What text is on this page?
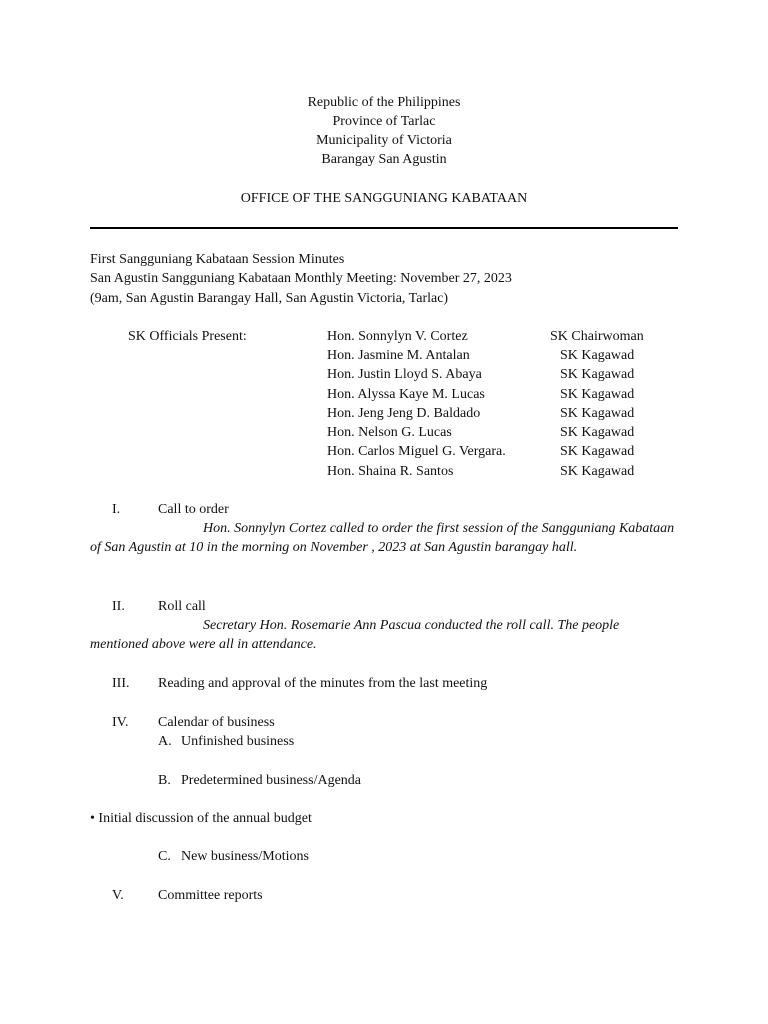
Republic of the Philippines
Province of Tarlac
Municipality of Victoria
Barangay San Agustin
OFFICE OF THE SANGGUNIANG KABATAAN
First Sangguniang Kabataan Session Minutes
San Agustin Sangguniang Kabataan Monthly Meeting: November 27, 2023
(9am, San Agustin Barangay Hall, San Agustin Victoria, Tarlac)
SK Officials Present:	Hon. Sonnylyn V. Cortez	SK Chairwoman
Hon. Jasmine M. Antalan	SK Kagawad
Hon. Justin Lloyd S. Abaya	SK Kagawad
Hon. Alyssa Kaye M. Lucas	SK Kagawad
Hon. Jeng Jeng D. Baldado	SK Kagawad
Hon. Nelson G. Lucas	SK Kagawad
Hon. Carlos Miguel G. Vergara.	SK Kagawad
Hon. Shaina R. Santos	SK Kagawad
I.	Call to order
Hon. Sonnylyn Cortez called to order the first session of the Sangguniang Kabataan of San Agustin at 10 in the morning on November , 2023 at San Agustin barangay hall.
II. Roll call
Secretary Hon. Rosemarie Ann Pascua conducted the roll call. The people mentioned above were all in attendance.
III. Reading and approval of the minutes from the last meeting
IV. Calendar of business
A. Unfinished business
B. Predetermined business/Agenda
• Initial discussion of the annual budget
C. New business/Motions
V. Committee reports
